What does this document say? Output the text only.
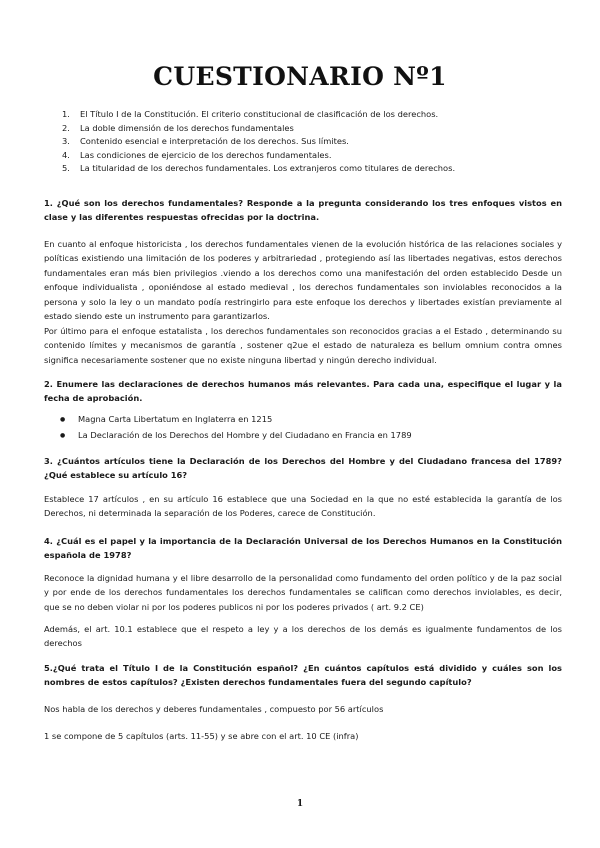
CUESTIONARIO Nº1
1. El Título I de la Constitución. El criterio constitucional de clasificación de los derechos.
2. La doble dimensión de los derechos fundamentales
3. Contenido esencial e interpretación de los derechos. Sus límites.
4. Las condiciones de ejercicio de los derechos fundamentales.
5. La titularidad de los derechos fundamentales. Los extranjeros como titulares de derechos.

1. ¿Qué son los derechos fundamentales? Responde a la pregunta considerando los tres enfoques vistos en clase y las diferentes respuestas ofrecidas por la doctrina.

En cuanto al enfoque historicista , los derechos fundamentales vienen de la evolución histórica de las relaciones sociales y políticas existiendo una limitación de los poderes y arbitrariedad , protegiendo así las libertades negativas, estos derechos fundamentales eran más bien privilegios .viendo a los derechos como una manifestación del orden establecido Desde un enfoque individualista , oponiéndose al estado medieval , los derechos fundamentales son inviolables reconocidos a la persona y solo la ley o un mandato podía restringirlo para este enfoque los derechos y libertades existían previamente al estado siendo este un instrumento para garantizarlos.

Por último para el enfoque estatalista , los derechos fundamentales son reconocidos gracias a el Estado , determinando su contenido límites y mecanismos de garantía , sostener q2ue el estado de naturaleza es bellum omnium contra omnes significa necesariamente sostener que no existe ninguna libertad y ningún derecho individual.

2. Enumere las declaraciones de derechos humanos más relevantes. Para cada una, especifique el lugar y la fecha de aprobación.

● Magna Carta Libertatum en Inglaterra en 1215
● La Declaración de los Derechos del Hombre y del Ciudadano en Francia en 1789

3. ¿Cuántos artículos tiene la Declaración de los Derechos del Hombre y del Ciudadano francesa del 1789? ¿Qué establece su artículo 16?

Establece 17 artículos , en su artículo 16 establece que una Sociedad en la que no esté establecida la garantía de los Derechos, ni determinada la separación de los Poderes, carece de Constitución.

4. ¿Cuál es el papel y la importancia de la Declaración Universal de los Derechos Humanos en la Constitución española de 1978?

Reconoce la dignidad humana y el libre desarrollo de la personalidad como fundamento del orden político y de la paz social y por ende de los derechos fundamentales los derechos fundamentales se califican como derechos inviolables, es decir, que se no deben violar ni por los poderes publicos ni por los poderes privados ( art. 9.2 CE)

Además, el art. 10.1 establece que el respeto a ley y a los derechos de los demás es igualmente fundamentos de los derechos

5.¿Qué trata el Título I de la Constitución español? ¿En cuántos capítulos está dividido y cuáles son los nombres de estos capítulos? ¿Existen derechos fundamentales fuera del segundo capítulo?

Nos habla de los derechos y deberes fundamentales , compuesto por 56 artículos

1 se compone de 5 capítulos (arts. 11-55) y se abre con el art. 10 CE (infra)

1
